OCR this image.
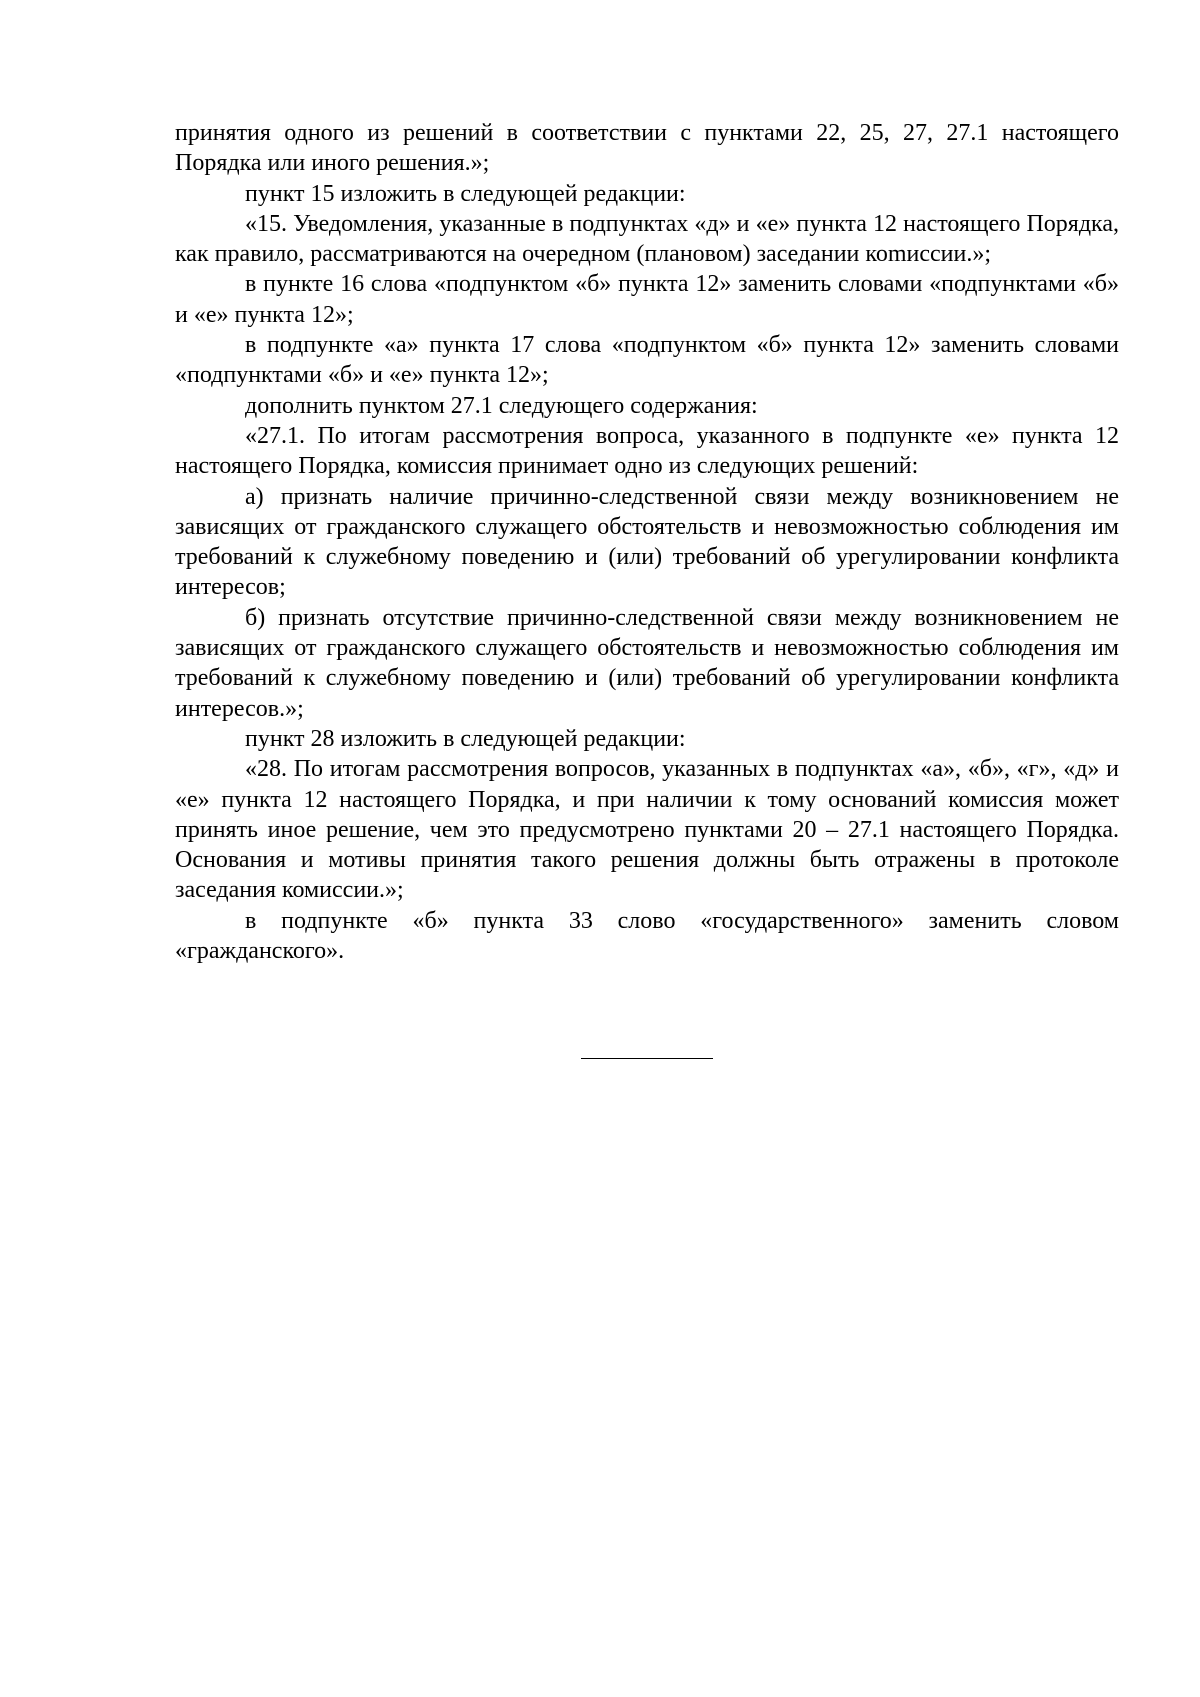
принятия одного из решений в соответствии с пунктами 22, 25, 27, 27.1 настоящего Порядка или иного решения.»;

пункт 15 изложить в следующей редакции:

«15. Уведомления, указанные в подпунктах «д» и «е» пункта 12 настоящего Порядка, как правило, рассматриваются на очередном (плановом) заседании коmиссии.»;

в пункте 16 слова «подпунктом «б» пункта 12» заменить словами «подпунктами «б» и «е» пункта 12»;

в подпункте «а» пункта 17 слова «подпунктом «б» пункта 12» заменить словами «подпунктами «б» и «е» пункта 12»;

дополнить пунктом 27.1 следующего содержания:

«27.1. По итогам рассмотрения вопроса, указанного в подпункте «е» пункта 12 настоящего Порядка, комиссия принимает одно из следующих решений:

а) признать наличие причинно-следственной связи между возникновением не зависящих от гражданского служащего обстоятельств и невозможностью соблюдения им требований к служебному поведению и (или) требований об урегулировании конфликта интересов;

б) признать отсутствие причинно-следственной связи между возникновением не зависящих от гражданского служащего обстоятельств и невозможностью соблюдения им требований к служебному поведению и (или) требований об урегулировании конфликта интересов.»;

пункт 28 изложить в следующей редакции:

«28. По итогам рассмотрения вопросов, указанных в подпунктах «а», «б», «г», «д» и «е» пункта 12 настоящего Порядка, и при наличии к тому оснований комиссия может принять иное решение, чем это предусмотрено пунктами 20 – 27.1 настоящего Порядка. Основания и мотивы принятия такого решения должны быть отражены в протоколе заседания комиссии.»;

в подпункте «б» пункта 33 слово «государственного» заменить словом «гражданского».
